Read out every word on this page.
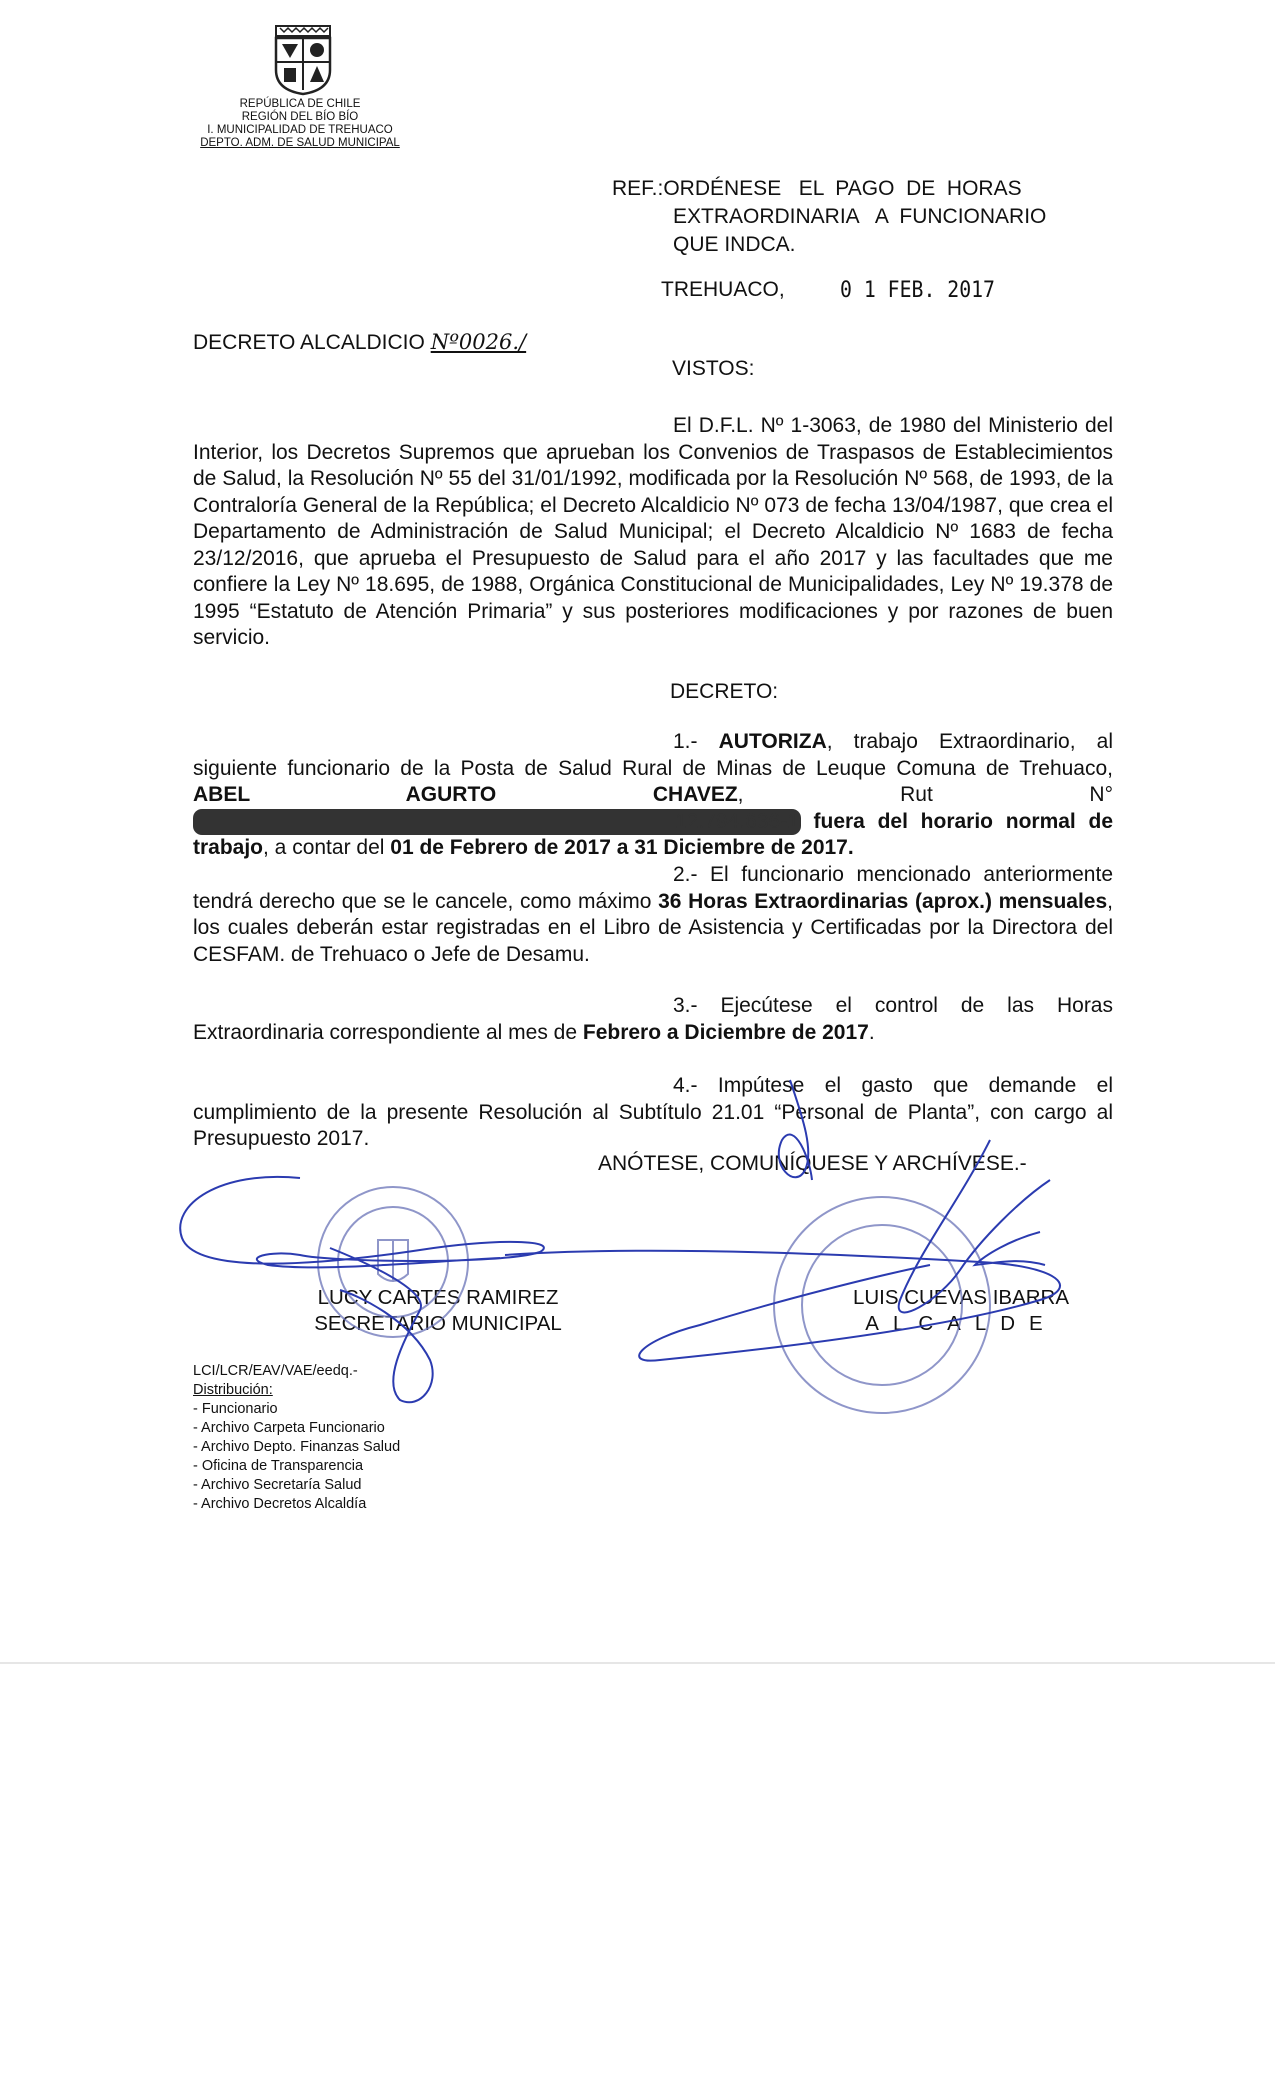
REPÚBLICA DE CHILE
REGIÓN DEL BÍO BÍO
I. MUNICIPALIDAD DE TREHUACO
DEPTO. ADM. DE SALUD MUNICIPAL
REF.:ORDÉNESE   EL  PAGO  DE  HORAS
EXTRAORDINARIA   A  FUNCIONARIO
QUE INDCA.
TREHUACO,	0 1 FEB. 2017
DECRETO ALCALDICIO Nº0026./
VISTOS:

El D.F.L. Nº 1-3063, de 1980 del Ministerio del Interior, los Decretos Supremos que aprueban los Convenios de Traspasos de Establecimientos de Salud, la Resolución Nº 55 del 31/01/1992, modificada por la Resolución Nº 568, de 1993, de la Contraloría General de la República; el Decreto Alcaldicio Nº 073 de fecha 13/04/1987, que crea el Departamento de Administración de Salud Municipal; el Decreto Alcaldicio Nº 1683 de fecha 23/12/2016, que aprueba el Presupuesto de Salud para el año 2017 y las facultades que me confiere la Ley Nº 18.695, de 1988, Orgánica Constitucional de Municipalidades, Ley Nº 19.378 de 1995 “Estatuto de Atención Primaria” y sus posteriores modificaciones y por razones de buen servicio.

DECRETO:

1.- AUTORIZA, trabajo Extraordinario, al siguiente funcionario de la Posta de Salud Rural de Minas de Leuque Comuna de Trehuaco, ABEL AGURTO CHAVEZ, Rut N° 12.794.636-1 fuera del horario normal de trabajo, a contar del 01 de Febrero de 2017 a 31 Diciembre de 2017.

2.- El funcionario mencionado anteriormente tendrá derecho que se le cancele, como máximo 36 Horas Extraordinarias (aprox.) mensuales, los cuales deberán estar registradas en el Libro de Asistencia y Certificadas por la Directora del CESFAM. de Trehuaco o Jefe de Desamu.

3.- Ejecútese el control de las Horas Extraordinaria correspondiente al mes de Febrero a Diciembre de 2017.

4.- Impútese el gasto que demande el cumplimiento de la presente Resolución al Subtítulo 21.01 “Personal de Planta”, con cargo al Presupuesto 2017.

ANÓTESE, COMUNÍQUESE Y ARCHÍVESE.-
LUCY CARTES RAMIREZ
SECRETARIO MUNICIPAL
LUIS CUEVAS IBARRA
ALCALDE
LCI/LCR/EAV/VAE/eedq.-
Distribución:
- Funcionario
- Archivo Carpeta Funcionario
- Archivo Depto. Finanzas Salud
- Oficina de Transparencia
- Archivo Secretaría Salud
- Archivo Decretos Alcaldía
